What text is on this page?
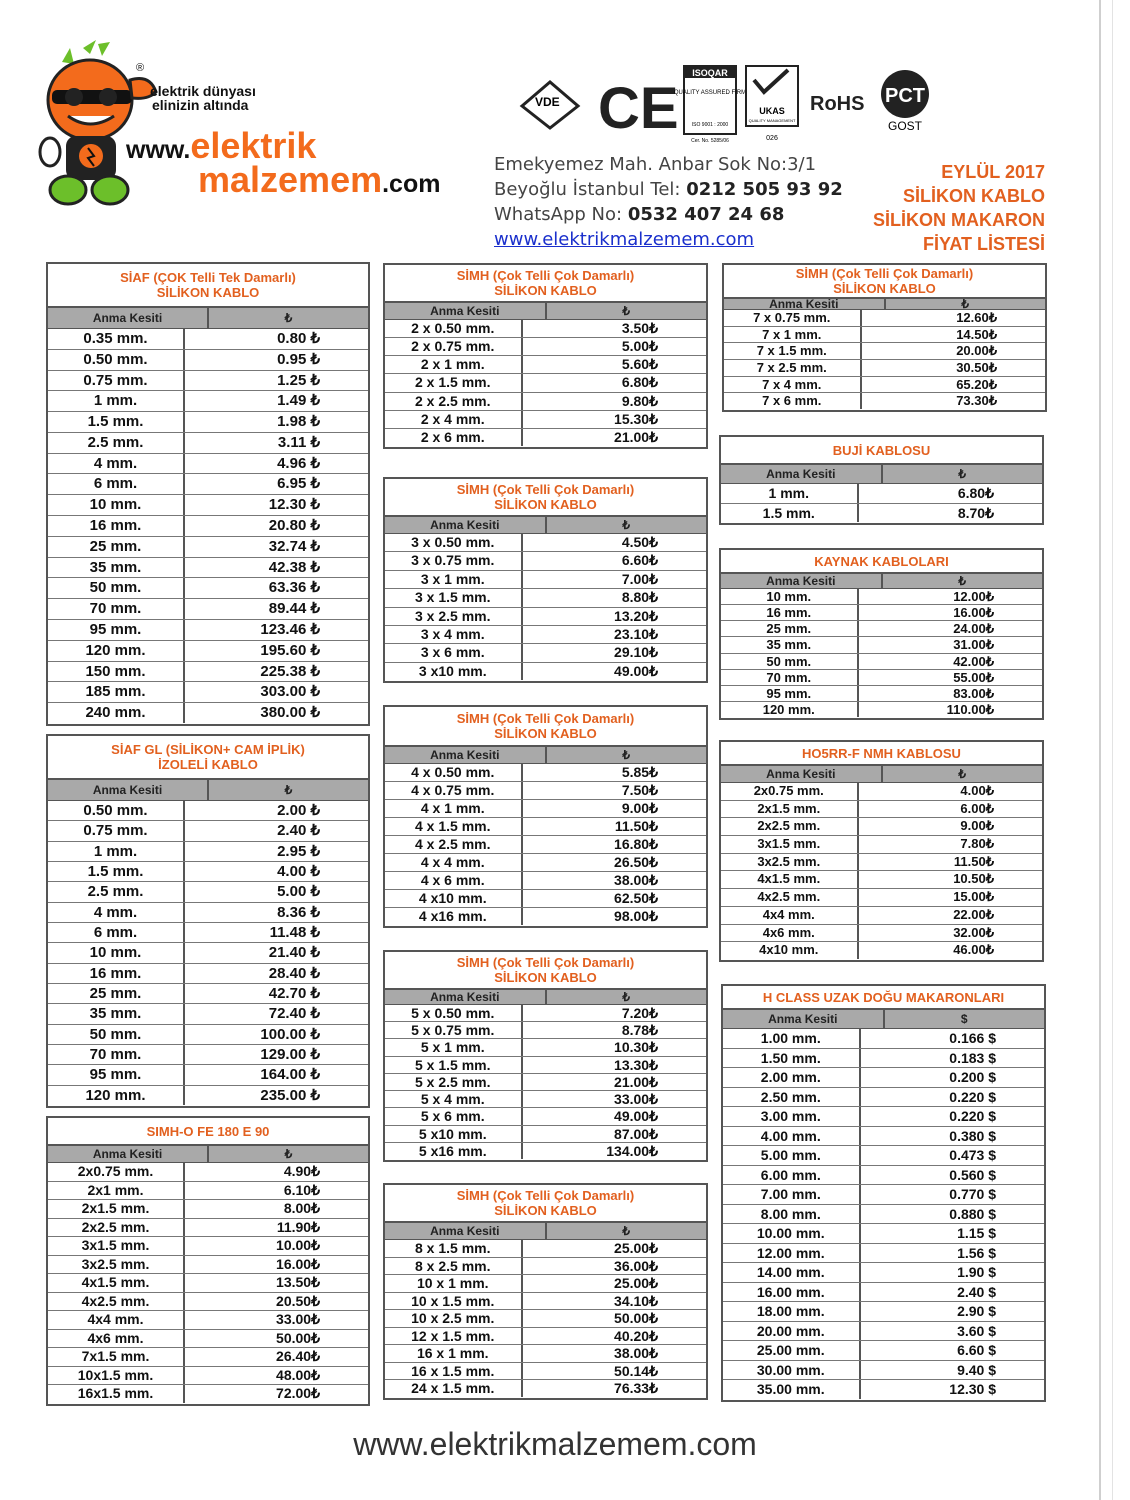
®
elektrik dünyası
elinizin altında
www.elektrik
malzemem.com
VDE CE
ISOQAR
QUALITY ASSURED FIRM
ISO 9001 : 2000
Cer. No. 5285/06
UKAS
QUALITY MANAGEMENT
026
RoHS PCT
GOST
Emekyemez Mah. Anbar Sok No:3/1
Beyoğlu İstanbul Tel: 0212 505 93 92
WhatsApp No: 0532 407 24 68
www.elektrikmalzemem.com
EYLÜL 2017
SİLİKON KABLO
SİLİKON MAKARON
FİYAT LİSTESİ
SİAF (ÇOK Telli Tek Damarlı)
SİLİKON KABLO
Anma Kesiti	₺
0.35 mm.	0.80 ₺
0.50 mm.	0.95 ₺
0.75 mm.	1.25 ₺
1 mm.	1.49 ₺
1.5 mm.	1.98 ₺
2.5 mm.	3.11 ₺
4 mm.	4.96 ₺
6 mm.	6.95 ₺
10 mm.	12.30 ₺
16 mm.	20.80 ₺
25 mm.	32.74 ₺
35 mm.	42.38 ₺
50 mm.	63.36 ₺
70 mm.	89.44 ₺
95 mm.	123.46 ₺
120 mm.	195.60 ₺
150 mm.	225.38 ₺
185 mm.	303.00 ₺
240 mm.	380.00 ₺
SİAF GL (SİLİKON+ CAM İPLİK)
İZOLELİ KABLO
Anma Kesiti	₺
0.50 mm.	2.00 ₺
0.75 mm.	2.40 ₺
1 mm.	2.95 ₺
1.5 mm.	4.00 ₺
2.5 mm.	5.00 ₺
4 mm.	8.36 ₺
6 mm.	11.48 ₺
10 mm.	21.40 ₺
16 mm.	28.40 ₺
25 mm.	42.70 ₺
35 mm.	72.40 ₺
50 mm.	100.00 ₺
70 mm.	129.00 ₺
95 mm.	164.00 ₺
120 mm.	235.00 ₺
SIMH-O FE 180 E 90
Anma Kesiti	₺
2x0.75 mm.	4.90₺
2x1 mm.	6.10₺
2x1.5 mm.	8.00₺
2x2.5 mm.	11.90₺
3x1.5 mm.	10.00₺
3x2.5 mm.	16.00₺
4x1.5 mm.	13.50₺
4x2.5 mm.	20.50₺
4x4 mm.	33.00₺
4x6 mm.	50.00₺
7x1.5 mm.	26.40₺
10x1.5 mm.	48.00₺
16x1.5 mm.	72.00₺
SİMH (Çok Telli Çok Damarlı)
SİLİKON KABLO
Anma Kesiti	₺
2 x 0.50 mm.	3.50₺
2 x 0.75 mm.	5.00₺
2 x 1 mm.	5.60₺
2 x 1.5 mm.	6.80₺
2 x 2.5 mm.	9.80₺
2 x 4 mm.	15.30₺
2 x 6 mm.	21.00₺
SİMH (Çok Telli Çok Damarlı)
SİLİKON KABLO
Anma Kesiti	₺
3 x 0.50 mm.	4.50₺
3 x 0.75 mm.	6.60₺
3 x 1 mm.	7.00₺
3 x 1.5 mm.	8.80₺
3 x 2.5 mm.	13.20₺
3 x 4 mm.	23.10₺
3 x 6 mm.	29.10₺
3 x10 mm.	49.00₺
SİMH (Çok Telli Çok Damarlı)
SİLİKON KABLO
Anma Kesiti	₺
4 x 0.50 mm.	5.85₺
4 x 0.75 mm.	7.50₺
4 x 1 mm.	9.00₺
4 x 1.5 mm.	11.50₺
4 x 2.5 mm.	16.80₺
4 x 4 mm.	26.50₺
4 x 6 mm.	38.00₺
4 x10 mm.	62.50₺
4 x16 mm.	98.00₺
SİMH (Çok Telli Çok Damarlı)
SİLİKON KABLO
Anma Kesiti	₺
5 x 0.50 mm.	7.20₺
5 x 0.75 mm.	8.78₺
5 x 1 mm.	10.30₺
5 x 1.5 mm.	13.30₺
5 x 2.5 mm.	21.00₺
5 x 4 mm.	33.00₺
5 x 6 mm.	49.00₺
5 x10 mm.	87.00₺
5 x16 mm.	134.00₺
SİMH (Çok Telli Çok Damarlı)
SİLİKON KABLO
Anma Kesiti	₺
8 x 1.5 mm.	25.00₺
8 x 2.5 mm.	36.00₺
10 x 1 mm.	25.00₺
10 x 1.5 mm.	34.10₺
10 x 2.5 mm.	50.00₺
12 x 1.5 mm.	40.20₺
16 x 1 mm.	38.00₺
16 x 1.5 mm.	50.14₺
24 x 1.5 mm.	76.33₺
SİMH (Çok Telli Çok Damarlı)
SİLİKON KABLO
Anma Kesiti	₺
7 x 0.75 mm.	12.60₺
7 x 1 mm.	14.50₺
7 x 1.5 mm.	20.00₺
7 x 2.5 mm.	30.50₺
7 x 4 mm.	65.20₺
7 x 6 mm.	73.30₺
BUJİ KABLOSU
Anma Kesiti	₺
1 mm.	6.80₺
1.5 mm.	8.70₺
KAYNAK KABLOLARI
Anma Kesiti	₺
10 mm.	12.00₺
16 mm.	16.00₺
25 mm.	24.00₺
35 mm.	31.00₺
50 mm.	42.00₺
70 mm.	55.00₺
95 mm.	83.00₺
120 mm.	110.00₺
HO5RR-F NMH KABLOSU
Anma Kesiti	₺
2x0.75 mm.	4.00₺
2x1.5 mm.	6.00₺
2x2.5 mm.	9.00₺
3x1.5 mm.	7.80₺
3x2.5 mm.	11.50₺
4x1.5 mm.	10.50₺
4x2.5 mm.	15.00₺
4x4 mm.	22.00₺
4x6 mm.	32.00₺
4x10 mm.	46.00₺
H CLASS UZAK DOĞU MAKARONLARI
Anma Kesiti	$
1.00 mm.	0.166 $
1.50 mm.	0.183 $
2.00 mm.	0.200 $
2.50 mm.	0.220 $
3.00 mm.	0.220 $
4.00 mm.	0.380 $
5.00 mm.	0.473 $
6.00 mm.	0.560 $
7.00 mm.	0.770 $
8.00 mm.	0.880 $
10.00 mm.	1.15 $
12.00 mm.	1.56 $
14.00 mm.	1.90 $
16.00 mm.	2.40 $
18.00 mm.	2.90 $
20.00 mm.	3.60 $
25.00 mm.	6.60 $
30.00 mm.	9.40 $
35.00 mm.	12.30 $
www.elektrikmalzemem.com
